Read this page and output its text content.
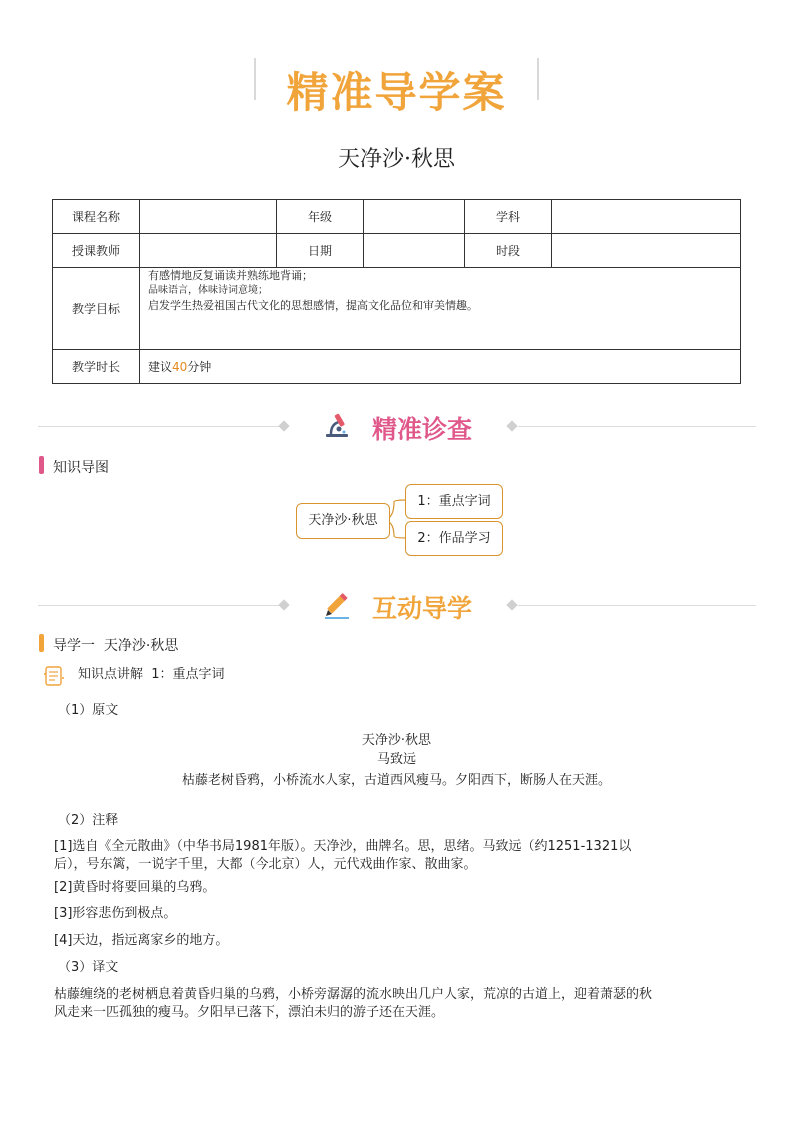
精准导学案
天净沙·秋思
课程名称		年级		学科	
授课教师		日期		时段	
教学目标	有感情地反复诵读并熟练地背诵；
品味语言，体味诗词意境；
启发学生热爱祖国古代文化的思想感情，提高文化品位和审美情趣。				

教学时长	建议40分钟				
精准诊查
知识导图
天净沙·秋思
1：重点字词
2：作品学习
互动导学
导学一  天净沙·秋思
知识点讲解  1：重点字词
（1）原文
天净沙·秋思
马致远
枯藤老树昏鸦，小桥流水人家，古道西风瘦马。夕阳西下，断肠人在天涯。
（2）注释
[1]选自《全元散曲》（中华书局1981年版）。天净沙，曲牌名。思，思绪。马致远（约1251-1321以
后），号东篱，一说字千里，大都（今北京）人，元代戏曲作家、散曲家。
[2]黄昏时将要回巢的乌鸦。
[3]形容悲伤到极点。
[4]天边，指远离家乡的地方。
（3）译文
枯藤缠绕的老树栖息着黄昏归巢的乌鸦，小桥旁潺潺的流水映出几户人家，荒凉的古道上，迎着萧瑟的秋
风走来一匹孤独的瘦马。夕阳早已落下，漂泊未归的游子还在天涯。
